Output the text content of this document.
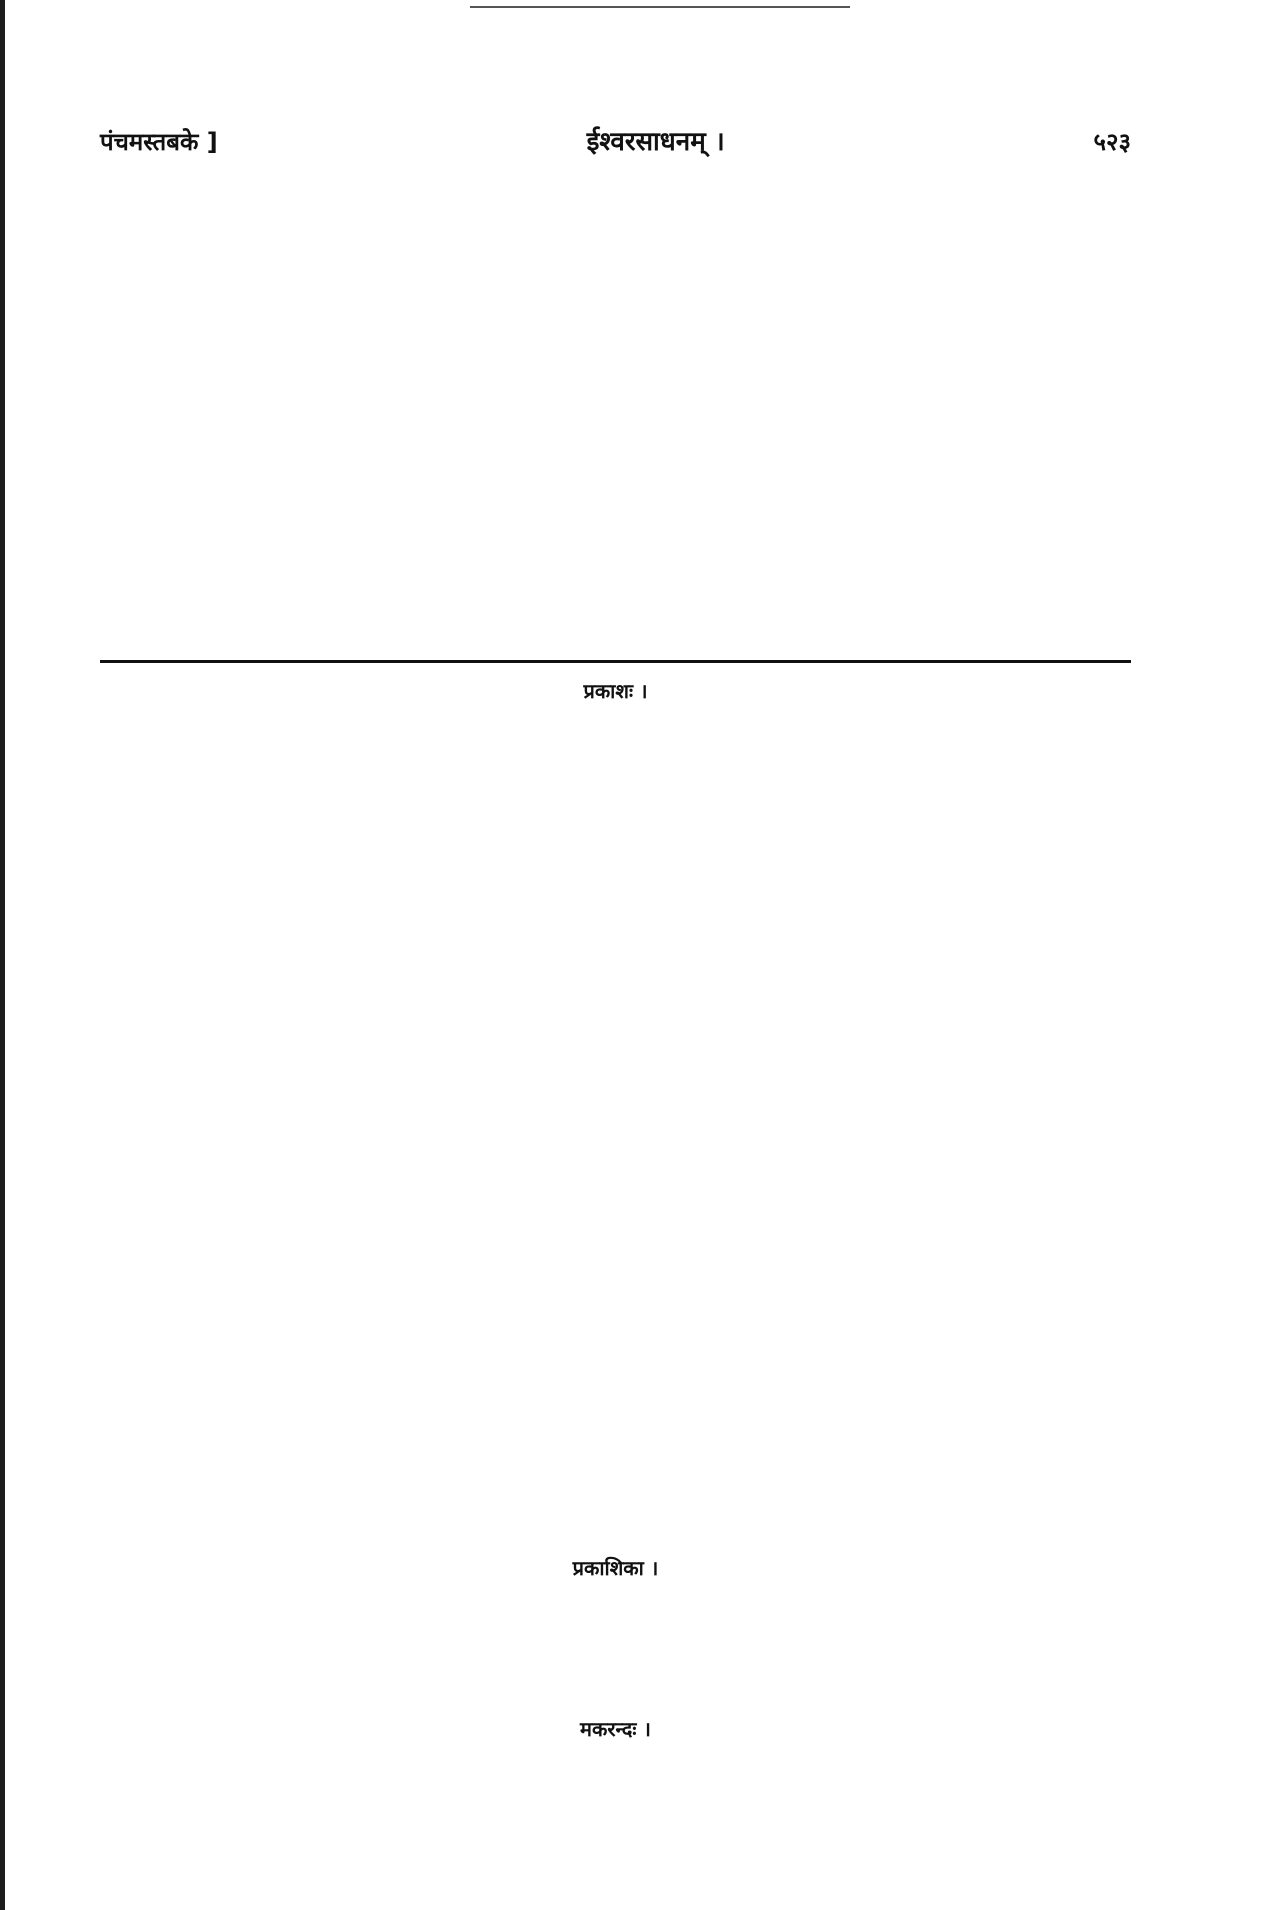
पंचमस्तबके ]	ईश्वरसाधनम् ।	५२३

प्रकाशः ।

प्रकाशिका ।

मकरन्दः ।
